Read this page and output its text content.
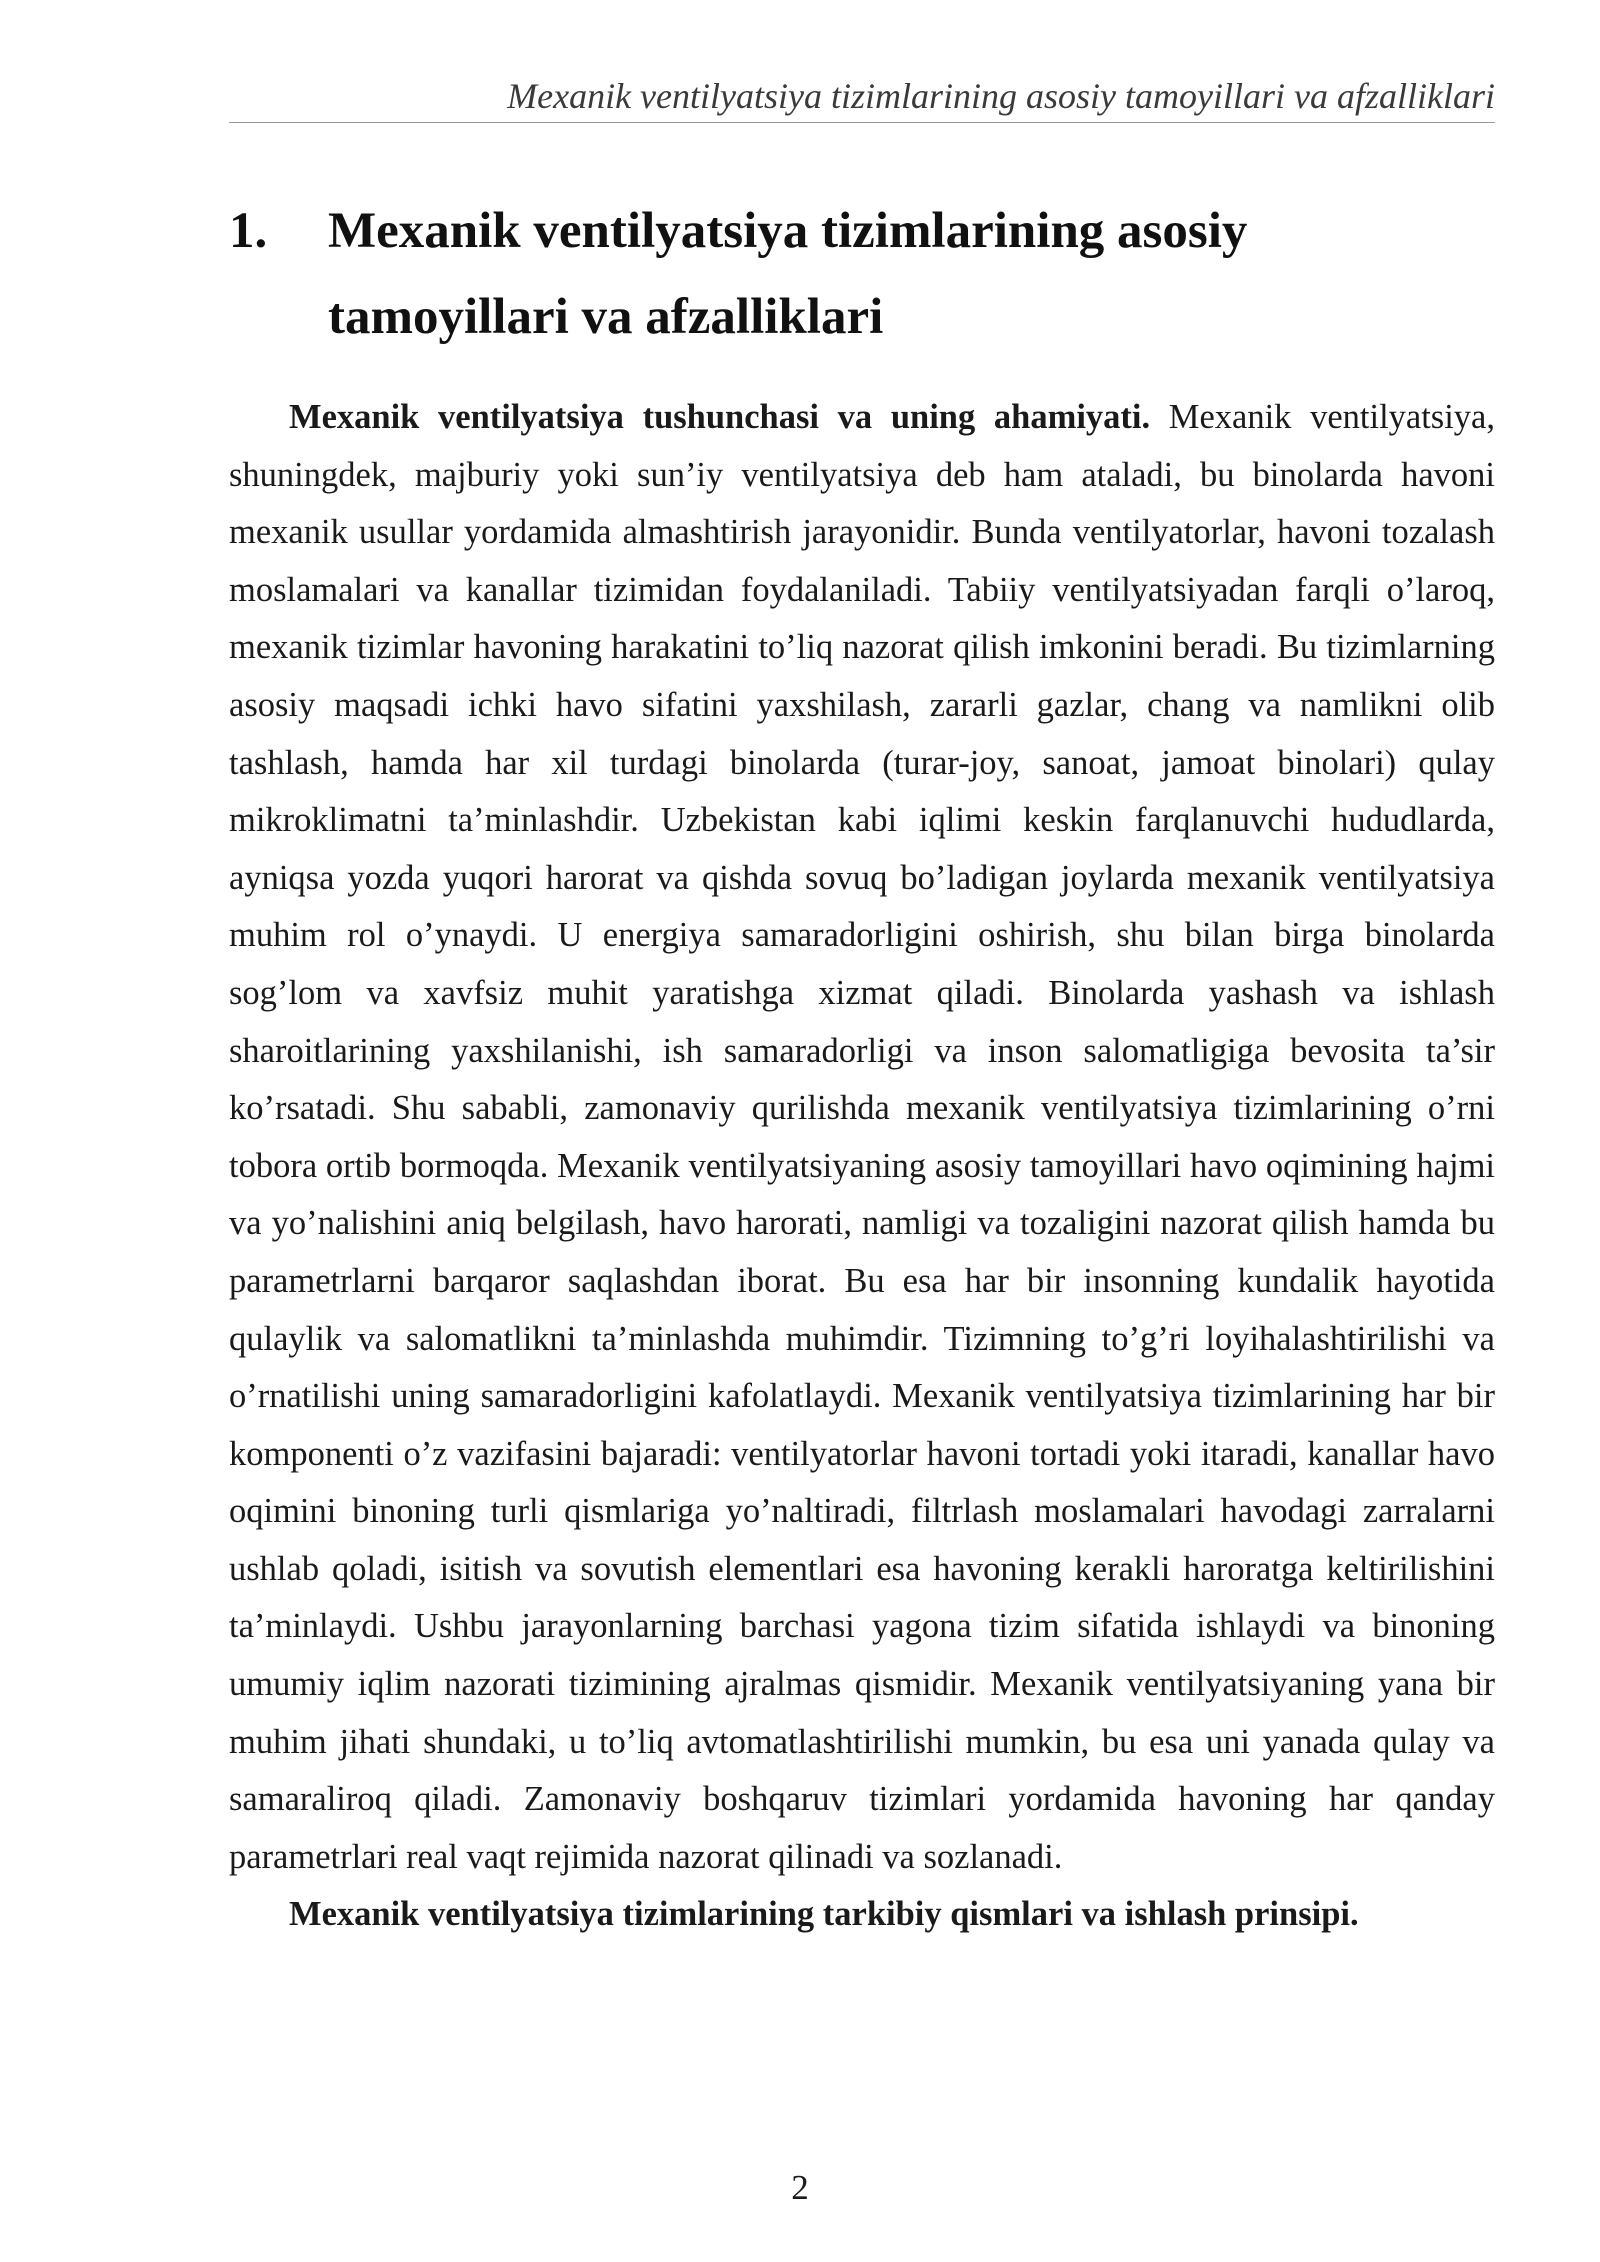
Mexanik ventilyatsiya tizimlarining asosiy tamoyillari va afzalliklari
1. Mexanik ventilyatsiya tizimlarining asosiy tamoyillari va afzalliklari

Mexanik ventilyatsiya tushunchasi va uning ahamiyati. Mexanik ventilyatsiya, shuningdek, majburiy yoki sun’iy ventilyatsiya deb ham ataladi, bu binolarda havoni mexanik usullar yordamida almashtirish jarayonidir. Bunda ventilyatorlar, havoni tozalash moslamalari va kanallar tizimidan foydalaniladi. Tabiiy ventilyatsiyadan farqli o’laroq, mexanik tizimlar havoning harakatini to’liq nazorat qilish imkonini beradi. Bu tizimlarning asosiy maqsadi ichki havo sifatini yaxshilash, zararli gazlar, chang va namlikni olib tashlash, hamda har xil turdagi binolarda (turar-joy, sanoat, jamoat binolari) qulay mikroklimatni ta’minlashdir. Uzbekistan kabi iqlimi keskin farqlanuvchi hududlarda, ayniqsa yozda yuqori harorat va qishda sovuq bo’ladigan joylarda mexanik ventilyatsiya muhim rol o’ynaydi. U energiya samaradorligini oshirish, shu bilan birga binolarda sog’lom va xavfsiz muhit yaratishga xizmat qiladi. Binolarda yashash va ishlash sharoitlarining yaxshilanishi, ish samaradorligi va inson salomatligiga bevosita ta’sir ko’rsatadi. Shu sababli, zamonaviy qurilishda mexanik ventilyatsiya tizimlarining o’rni tobora ortib bormoqda. Mexanik ventilyatsiyaning asosiy tamoyillari havo oqimining hajmi va yo’nalishini aniq belgilash, havo harorati, namligi va tozaligini nazorat qilish hamda bu parametrlarni barqaror saqlashdan iborat. Bu esa har bir insonning kundalik hayotida qulaylik va salomatlikni ta’minlashda muhimdir. Tizimning to’g’ri loyihalashtirilishi va o’rnatilishi uning samaradorligini kafolatlaydi. Mexanik ventilyatsiya tizimlarining har bir komponenti o’z vazifasini bajaradi: ventilyatorlar havoni tortadi yoki itaradi, kanallar havo oqimini binoning turli qismlariga yo’naltiradi, filtrlash moslamalari havodagi zarralarni ushlab qoladi, isitish va sovutish elementlari esa havoning kerakli haroratga keltirilishini ta’minlaydi. Ushbu jarayonlarning barchasi yagona tizim sifatida ishlaydi va binoning umumiy iqlim nazorati tizimining ajralmas qismidir. Mexanik ventilyatsiyaning yana bir muhim jihati shundaki, u to’liq avtomatlashtirilishi mumkin, bu esa uni yanada qulay va samaraliroq qiladi. Zamonaviy boshqaruv tizimlari yordamida havoning har qanday parametrlari real vaqt rejimida nazorat qilinadi va sozlanadi.

Mexanik ventilyatsiya tizimlarining tarkibiy qismlari va ishlash prinsipi.

2
